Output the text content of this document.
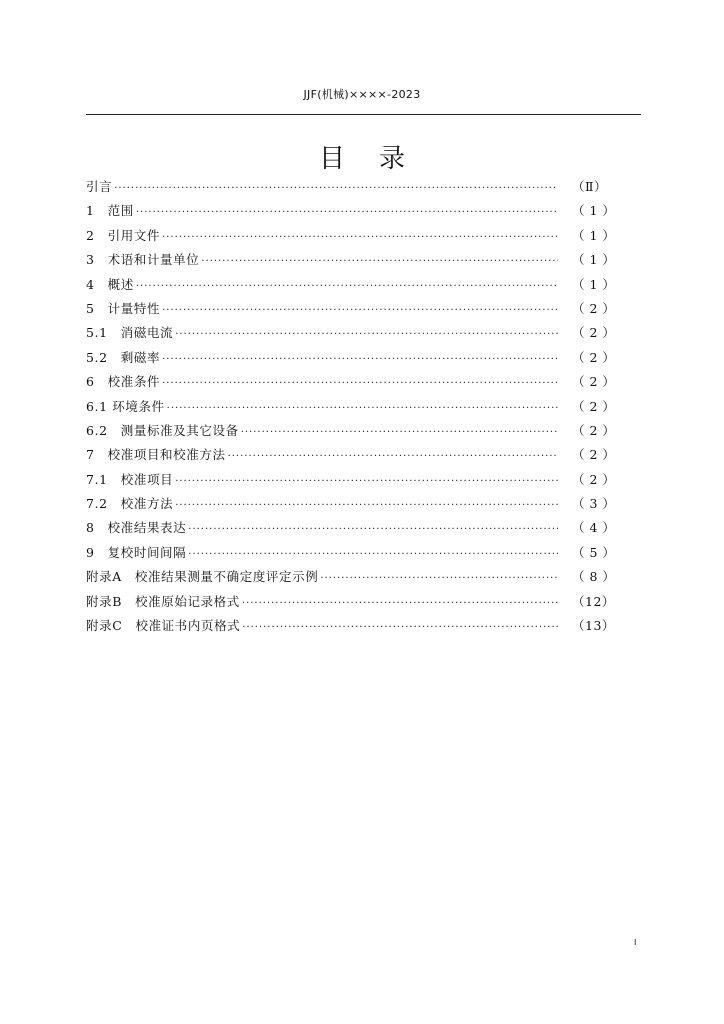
JJF(机械)××××-2023
目录
引言 ·····	（Ⅱ）
1　范围 ·····	（ 1 ）
2　引用文件 ·····	（ 1 ）
3　术语和计量单位 ·····	（ 1 ）
4　概述 ·····	（ 1 ）
5　计量特性 ·····	（ 2 ）
5.1　消磁电流 ·····	（ 2 ）
5.2　剩磁率 ·····	（ 2 ）
6　校准条件 ·····	（ 2 ）
6.1 环境条件 ·····	（ 2 ）
6.2　测量标准及其它设备 ·····	（ 2 ）
7　校准项目和校准方法 ·····	（ 2 ）
7.1　校准项目 ·····	（ 2 ）
7.2　校准方法 ·····	（ 3 ）
8　校准结果表达 ·····	（ 4 ）
9　复校时间间隔 ·····	（ 5 ）
附录A　校准结果测量不确定度评定示例 ·····	（ 8 ）
附录B　校准原始记录格式 ·····	（12）
附录C　校准证书内页格式 ·····	（13）
I
